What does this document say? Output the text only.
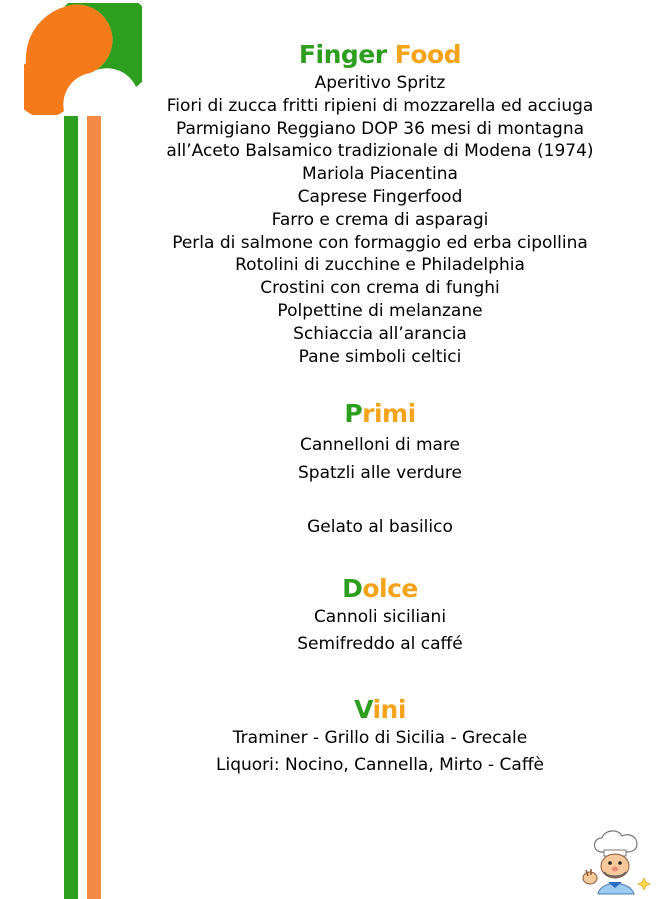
Finger Food
Aperitivo Spritz
Fiori di zucca fritti ripieni di mozzarella ed acciuga
Parmigiano Reggiano DOP 36 mesi di montagna
all’Aceto Balsamico tradizionale di Modena (1974)
Mariola Piacentina
Caprese Fingerfood
Farro e crema di asparagi
Perla di salmone con formaggio ed erba cipollina
Rotolini di zucchine e Philadelphia
Crostini con crema di funghi
Polpettine di melanzane
Schiaccia all’arancia
Pane simboli celtici
Primi
Cannelloni di mare
Spatzli alle verdure
Gelato al basilico
Dolce
Cannoli siciliani
Semifreddo al caffé
Vini
Traminer - Grillo di Sicilia - Grecale
Liquori: Nocino, Cannella, Mirto - Caffè
